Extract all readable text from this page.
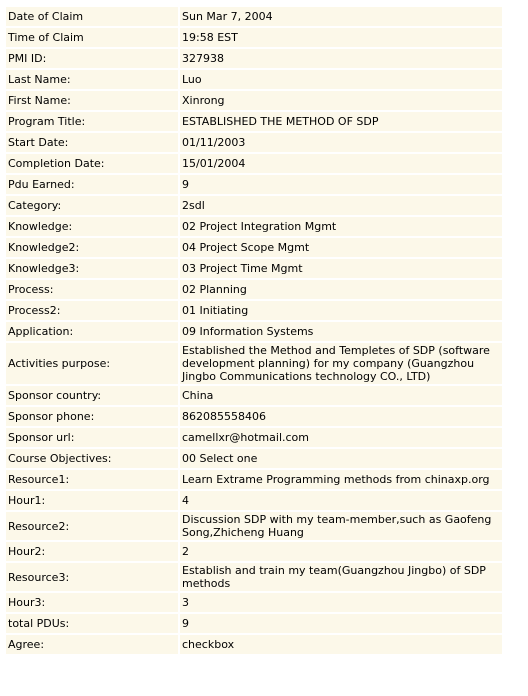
Date of Claim	Sun Mar 7, 2004
Time of Claim	19:58 EST
PMI ID:	327938
Last Name:	Luo
First Name:	Xinrong
Program Title:	ESTABLISHED THE METHOD OF SDP
Start Date:	01/11/2003
Completion Date:	15/01/2004
Pdu Earned:	9
Category:	2sdl
Knowledge:	02 Project Integration Mgmt
Knowledge2:	04 Project Scope Mgmt
Knowledge3:	03 Project Time Mgmt
Process:	02 Planning
Process2:	01 Initiating
Application:	09 Information Systems
Activities purpose:	Established the Method and Templetes of SDP (software development planning) for my company (Guangzhou Jingbo Communications technology CO., LTD)
Sponsor country:	China
Sponsor phone:	862085558406
Sponsor url:	camellxr@hotmail.com
Course Objectives:	00 Select one
Resource1:	Learn Extrame Programming methods from chinaxp.org
Hour1:	4
Resource2:	Discussion SDP with my team-member,such as Gaofeng Song,Zhicheng Huang
Hour2:	2
Resource3:	Establish and train my team(Guangzhou Jingbo) of SDP methods
Hour3:	3
total PDUs:	9
Agree:	checkbox
